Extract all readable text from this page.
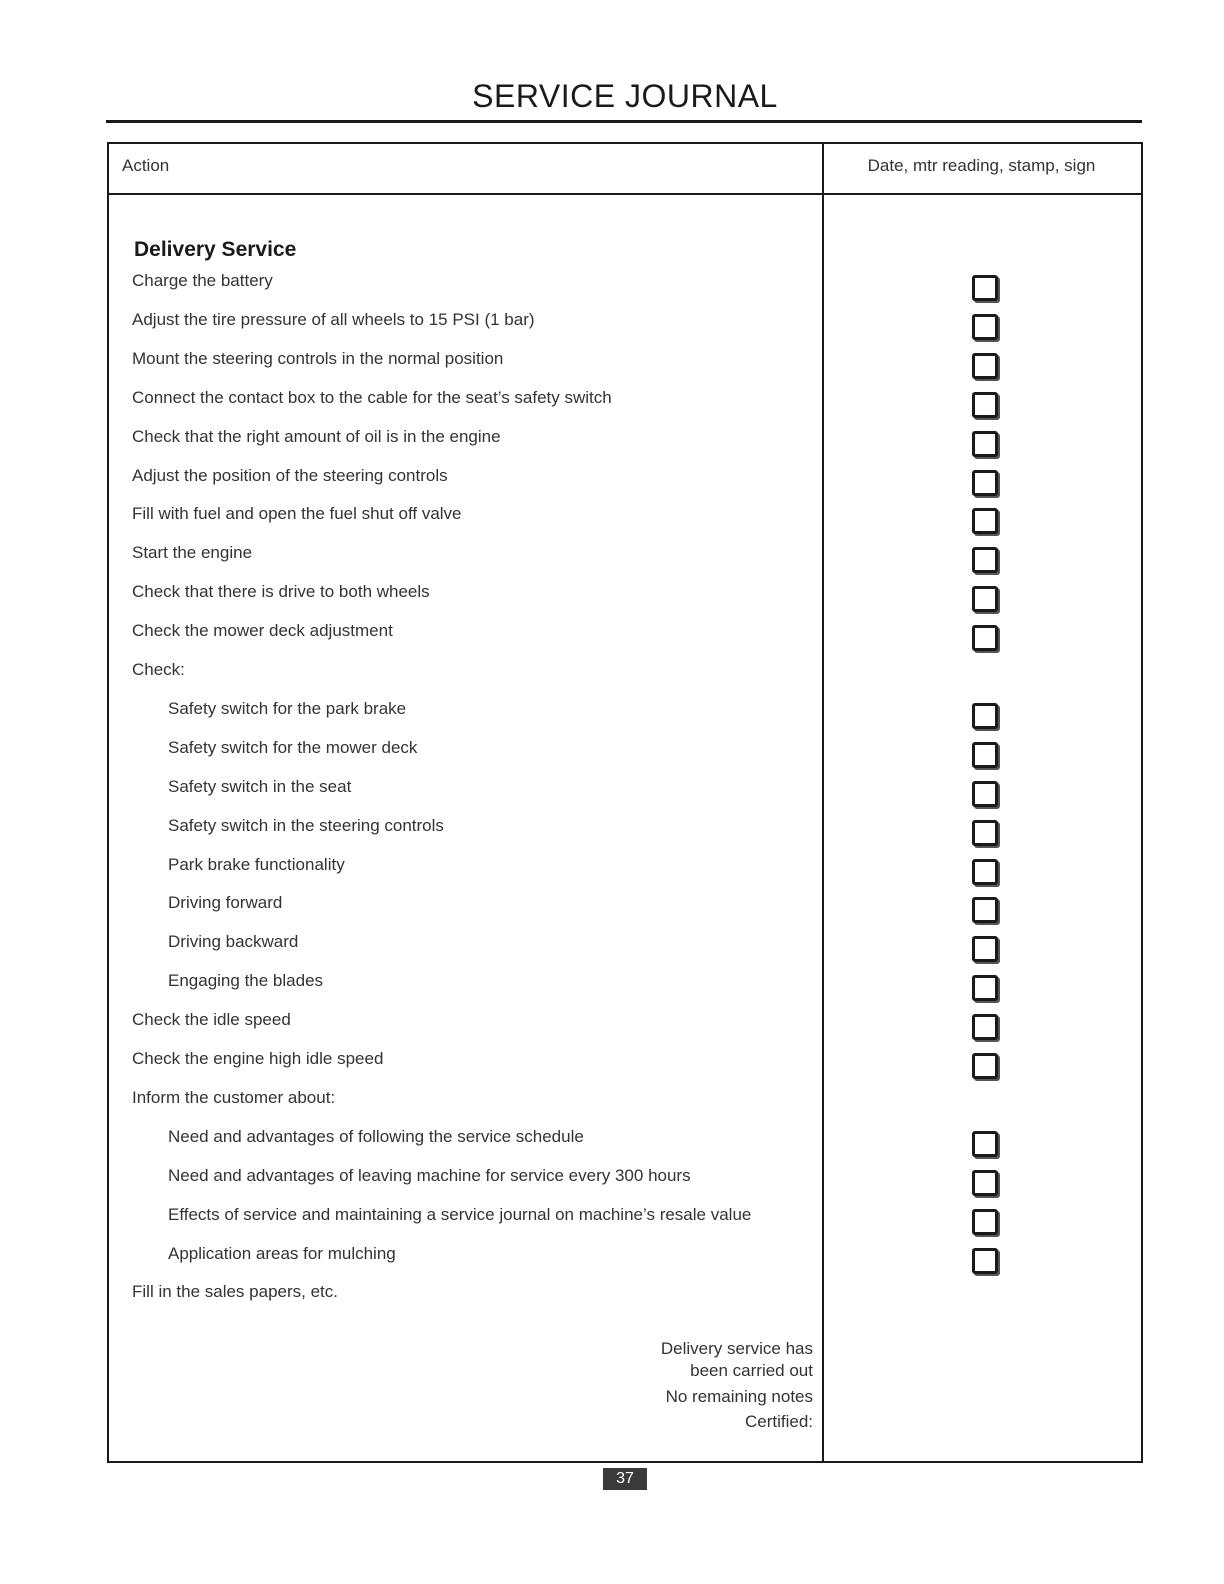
SERVICE JOURNAL
Action	Date, mtr reading, stamp, sign
Delivery Service
Charge the battery
Adjust the tire pressure of all wheels to 15 PSI (1 bar)
Mount the steering controls in the normal position
Connect the contact box to the cable for the seat’s safety switch
Check that the right amount of oil is in the engine
Adjust the position of the steering controls
Fill with fuel and open the fuel shut off valve
Start the engine
Check that there is drive to both wheels
Check the mower deck adjustment
Check:
Safety switch for the park brake
Safety switch for the mower deck
Safety switch in the seat
Safety switch in the steering controls
Park brake functionality
Driving forward
Driving backward
Engaging the blades
Check the idle speed
Check the engine high idle speed
Inform the customer about:
Need and advantages of following the service schedule
Need and advantages of leaving machine for service every 300 hours
Effects of service and maintaining a service journal on machine’s resale value
Application areas for mulching
Fill in the sales papers, etc.
Delivery service has
been carried out
No remaining notes
Certified:
37
